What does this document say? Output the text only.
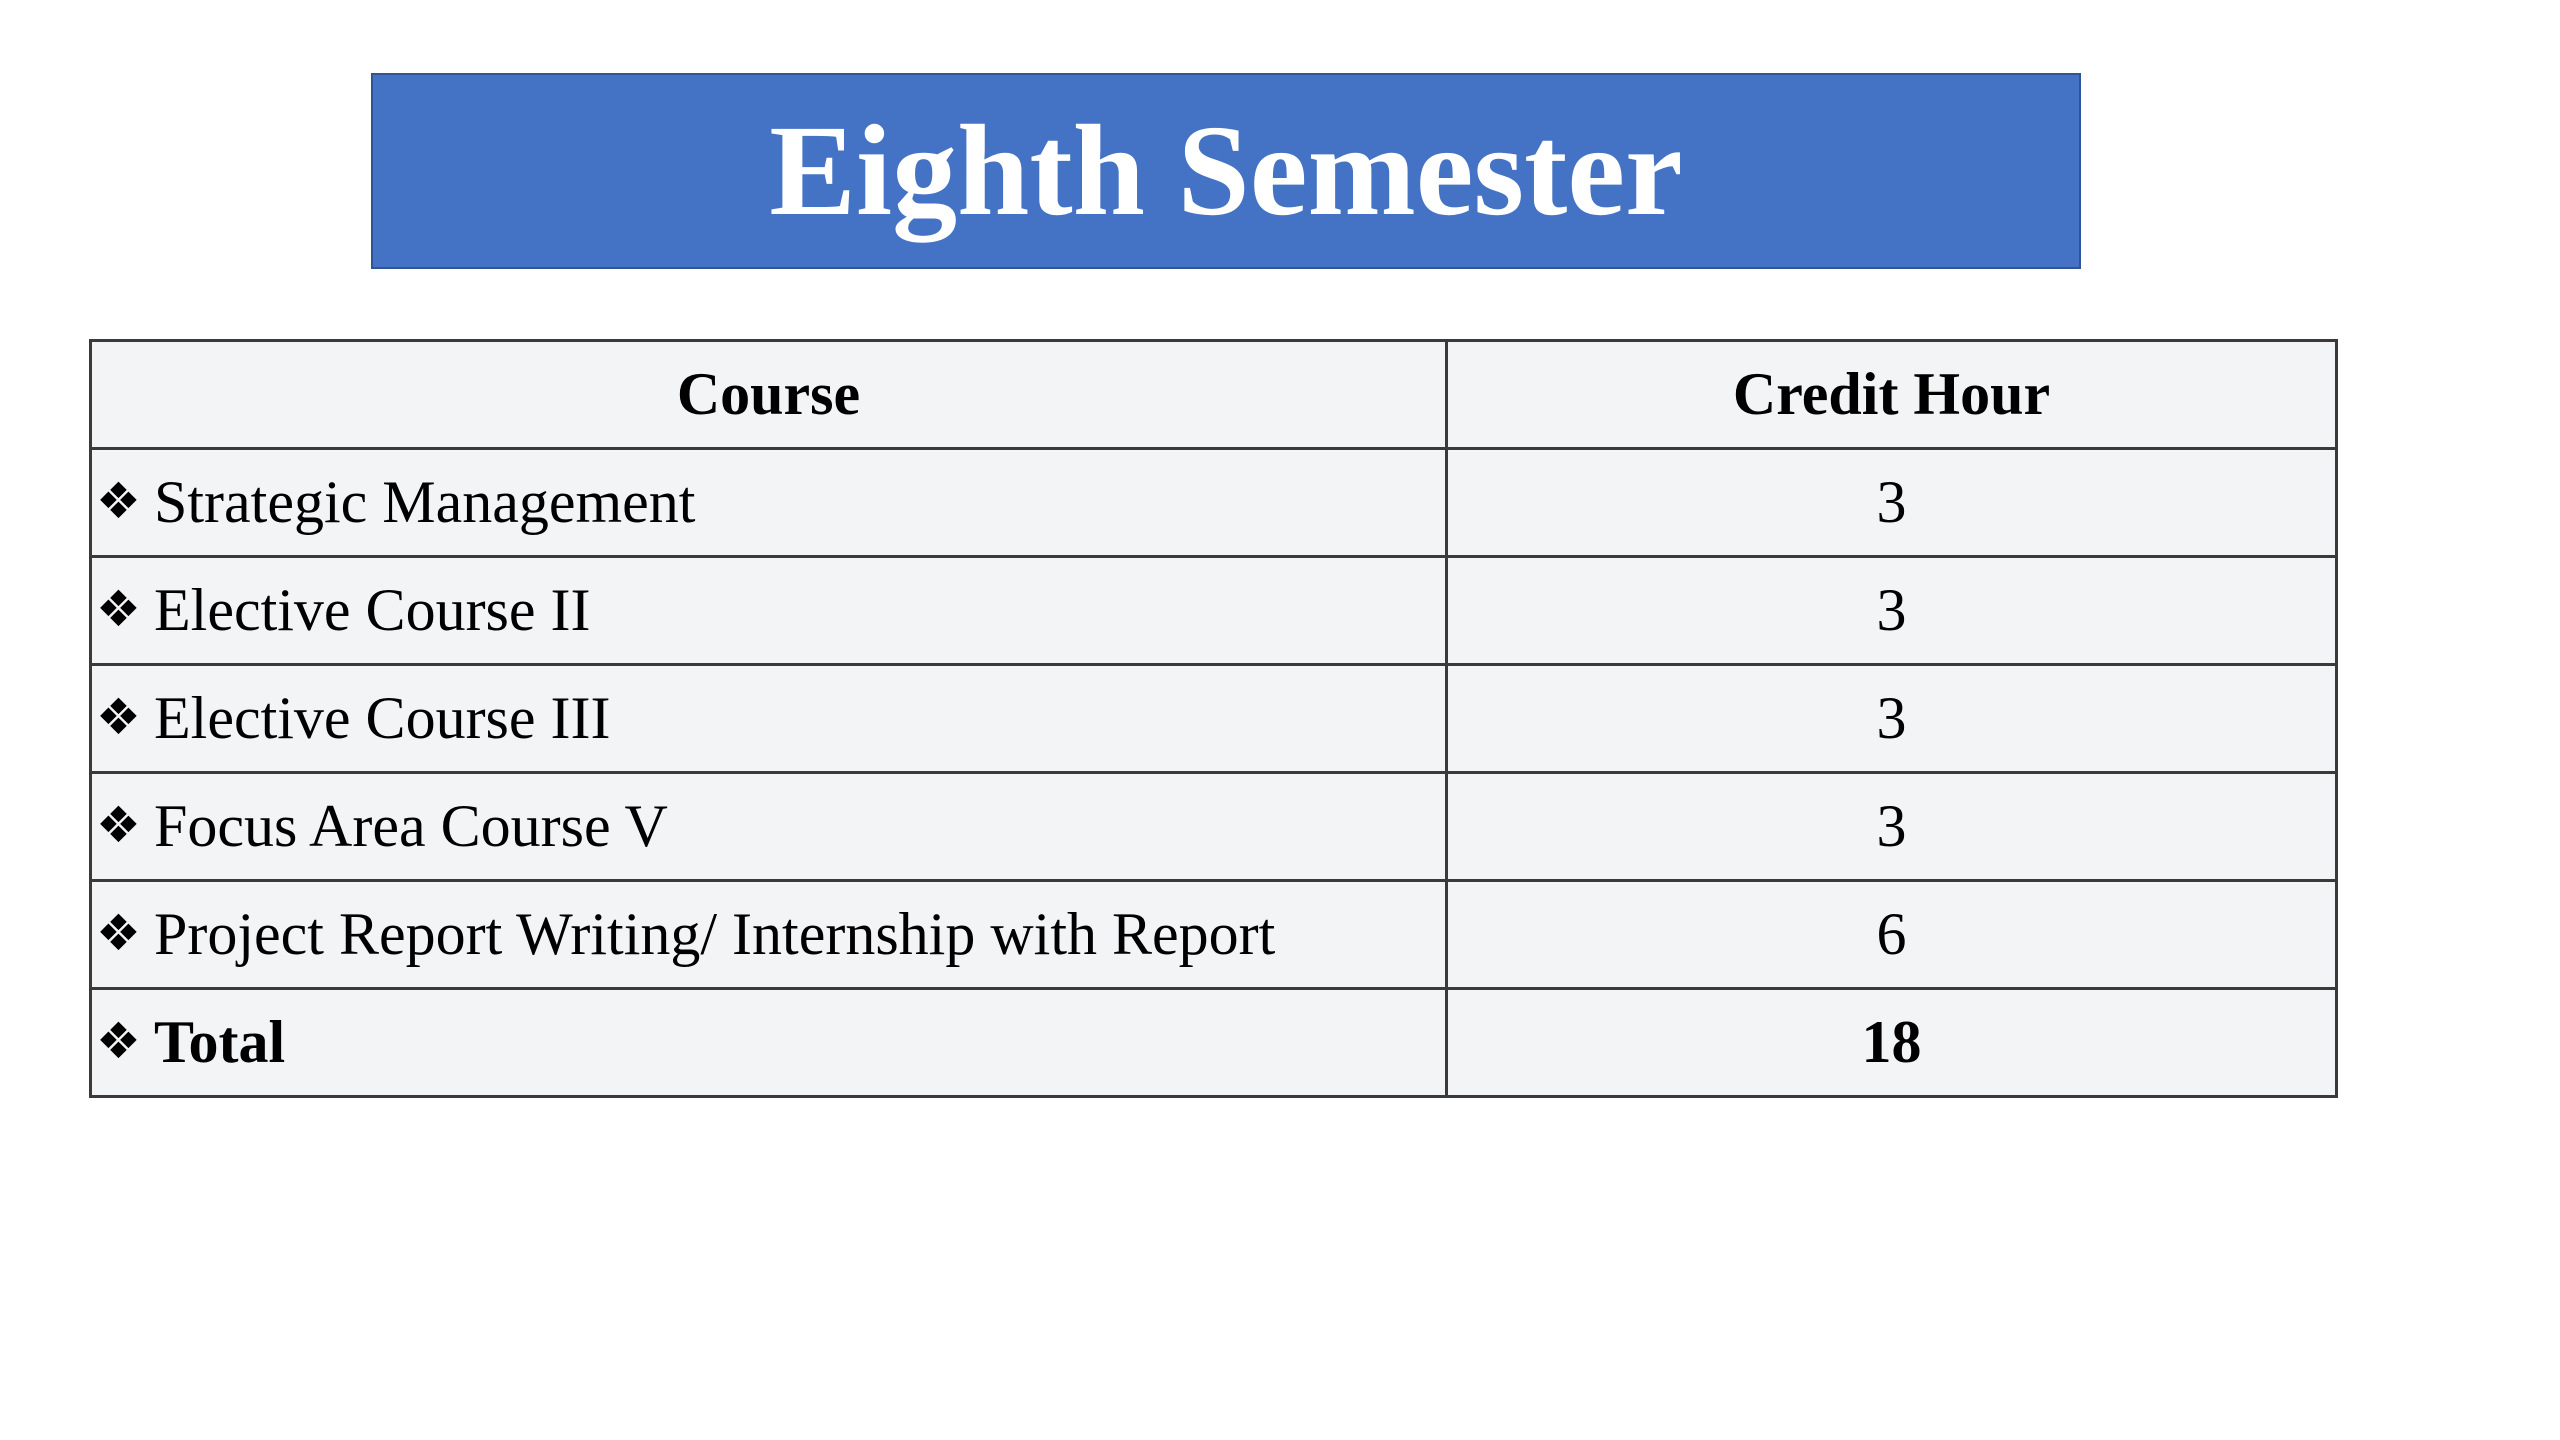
Eighth Semester
Course	Credit Hour
❖ Strategic Management	3
❖ Elective Course II	3
❖ Elective Course III	3
❖ Focus Area Course V	3
❖ Project Report Writing/ Internship with Report	6
❖ Total	18
